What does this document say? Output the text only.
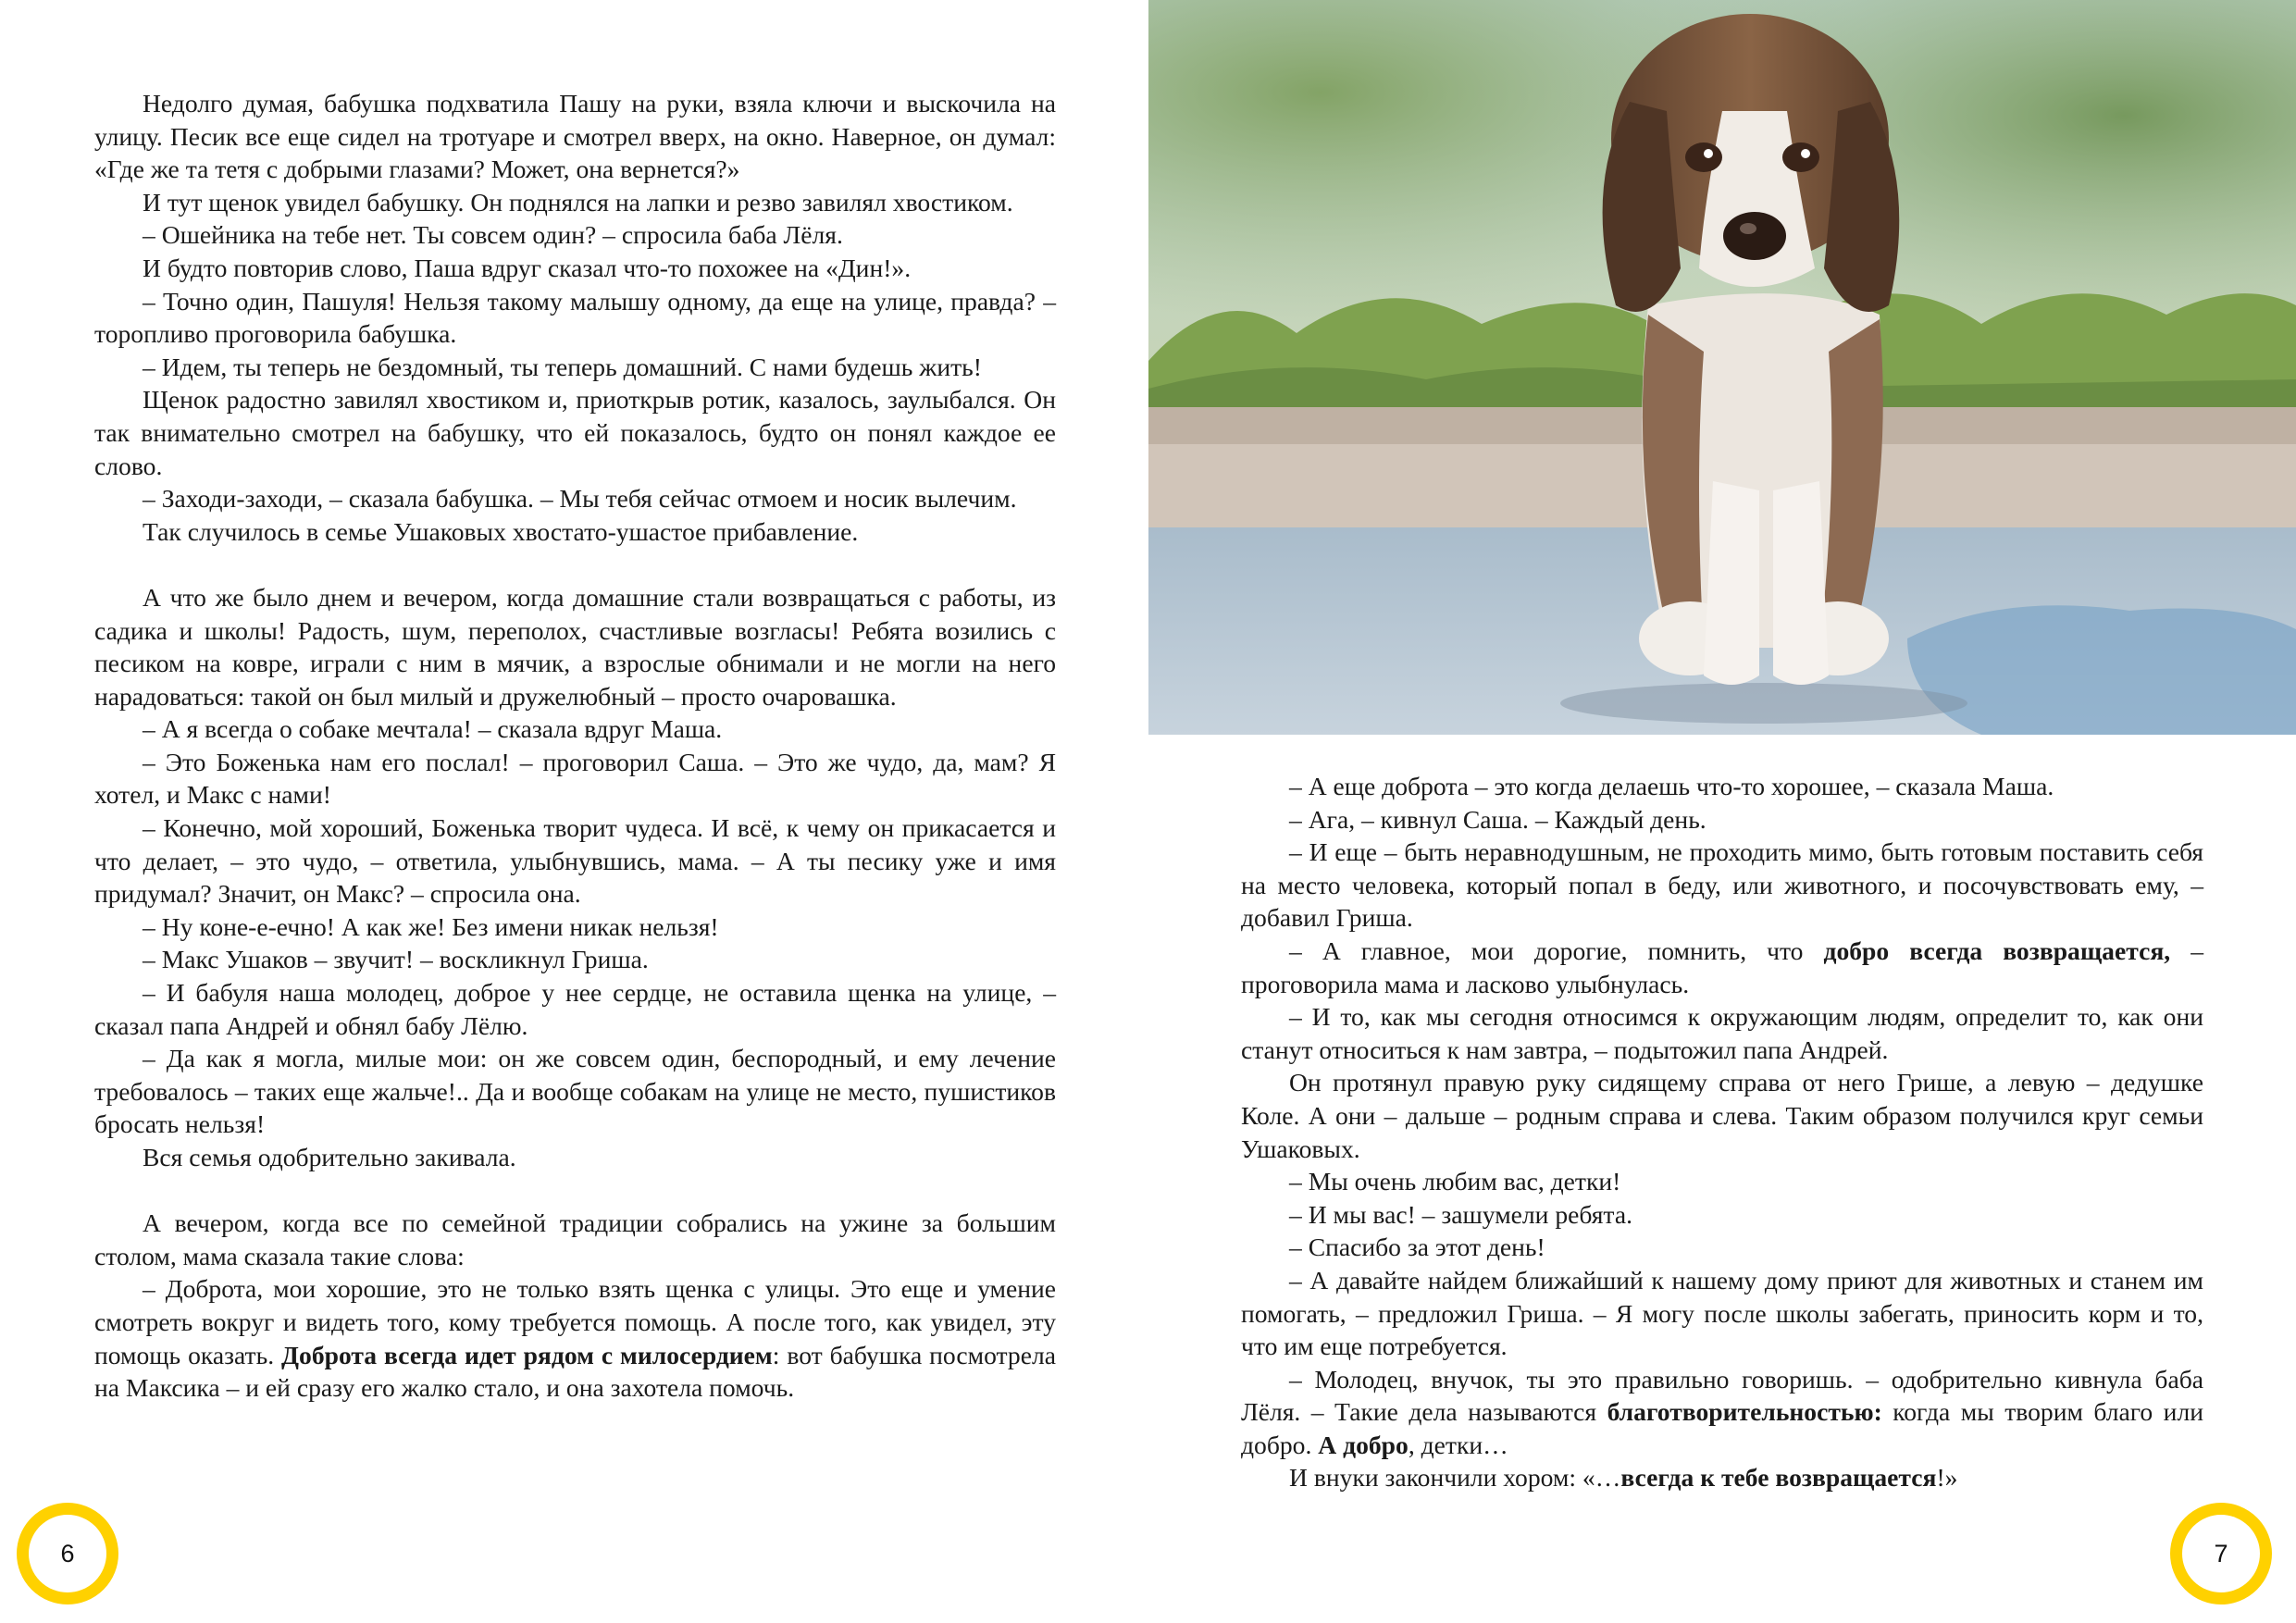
Недолго думая, бабушка подхватила Пашу на руки, взяла ключи и выскочила на улицу. Песик все еще сидел на тротуаре и смотрел вверх, на окно. Наверное, он думал: «Где же та тетя с добрыми глазами? Может, она вернется?»

И тут щенок увидел бабушку. Он поднялся на лапки и резво завилял хвостиком.

– Ошейника на тебе нет. Ты совсем один? – спросила баба Лёля.

И будто повторив слово, Паша вдруг сказал что-то похожее на «Дин!».

– Точно один, Пашуля! Нельзя такому малышу одному, да еще на улице, правда? – торопливо проговорила бабушка.

– Идем, ты теперь не бездомный, ты теперь домашний. С нами будешь жить!

Щенок радостно завилял хвостиком и, приоткрыв ротик, казалось, заулыбался. Он так внимательно смотрел на бабушку, что ей показалось, будто он понял каждое ее слово.

– Заходи-заходи, – сказала бабушка. – Мы тебя сейчас отмоем и носик вылечим.

Так случилось в семье Ушаковых хвостато-ушастое прибавление.

А что же было днем и вечером, когда домашние стали возвращаться с работы, из садика и школы! Радость, шум, переполох, счастливые возгласы! Ребята возились с песиком на ковре, играли с ним в мячик, а взрослые обнимали и не могли на него нарадоваться: такой он был милый и дружелюбный – просто очаровашка.

– А я всегда о собаке мечтала! – сказала вдруг Маша.

– Это Боженька нам его послал! – проговорил Саша. – Это же чудо, да, мам? Я хотел, и Макс с нами!

– Конечно, мой хороший, Боженька творит чудеса. И всё, к чему он прикасается и что делает, – это чудо, – ответила, улыбнувшись, мама. – А ты песику уже и имя придумал? Значит, он Макс? – спросила она.

– Ну коне-е-ечно! А как же! Без имени никак нельзя!

– Макс Ушаков – звучит! – воскликнул Гриша.

– И бабуля наша молодец, доброе у нее сердце, не оставила щенка на улице, – сказал папа Андрей и обнял бабу Лёлю.

– Да как я могла, милые мои: он же совсем один, беспородный, и ему лечение требовалось – таких еще жальче!.. Да и вообще собакам на улице не место, пушистиков бросать нельзя!

Вся семья одобрительно закивала.

А вечером, когда все по семейной традиции собрались на ужине за большим столом, мама сказала такие слова:

– Доброта, мои хорошие, это не только взять щенка с улицы. Это еще и умение смотреть вокруг и видеть того, кому требуется помощь. А после того, как увидел, эту помощь оказать. Доброта всегда идет рядом с милосердием: вот бабушка посмотрела на Максика – и ей сразу его жалко стало, и она захотела помочь.

6	7

– А еще доброта – это когда делаешь что-то хорошее, – сказала Маша.

– Ага, – кивнул Саша. – Каждый день.

– И еще – быть неравнодушным, не проходить мимо, быть готовым поставить себя на место человека, который попал в беду, или животного, и посочувствовать ему, – добавил Гриша.

– А главное, мои дорогие, помнить, что добро всегда возвращается, – проговорила мама и ласково улыбнулась.

– И то, как мы сегодня относимся к окружающим людям, определит то, как они станут относиться к нам завтра, – подытожил папа Андрей.

Он протянул правую руку сидящему справа от него Грише, а левую – дедушке Коле. А они – дальше – родным справа и слева. Таким образом получился круг семьи Ушаковых.

– Мы очень любим вас, детки!

– И мы вас! – зашумели ребята.

– Спасибо за этот день!

– А давайте найдем ближайший к нашему дому приют для животных и станем им помогать, – предложил Гриша. – Я могу после школы забегать, приносить корм и то, что им еще потребуется.

– Молодец, внучок, ты это правильно говоришь. – одобрительно кивнула баба Лёля. – Такие дела называются благотворительностью: когда мы творим благо или добро. А добро, детки…

И внуки закончили хором: «…всегда к тебе возвращается!»
